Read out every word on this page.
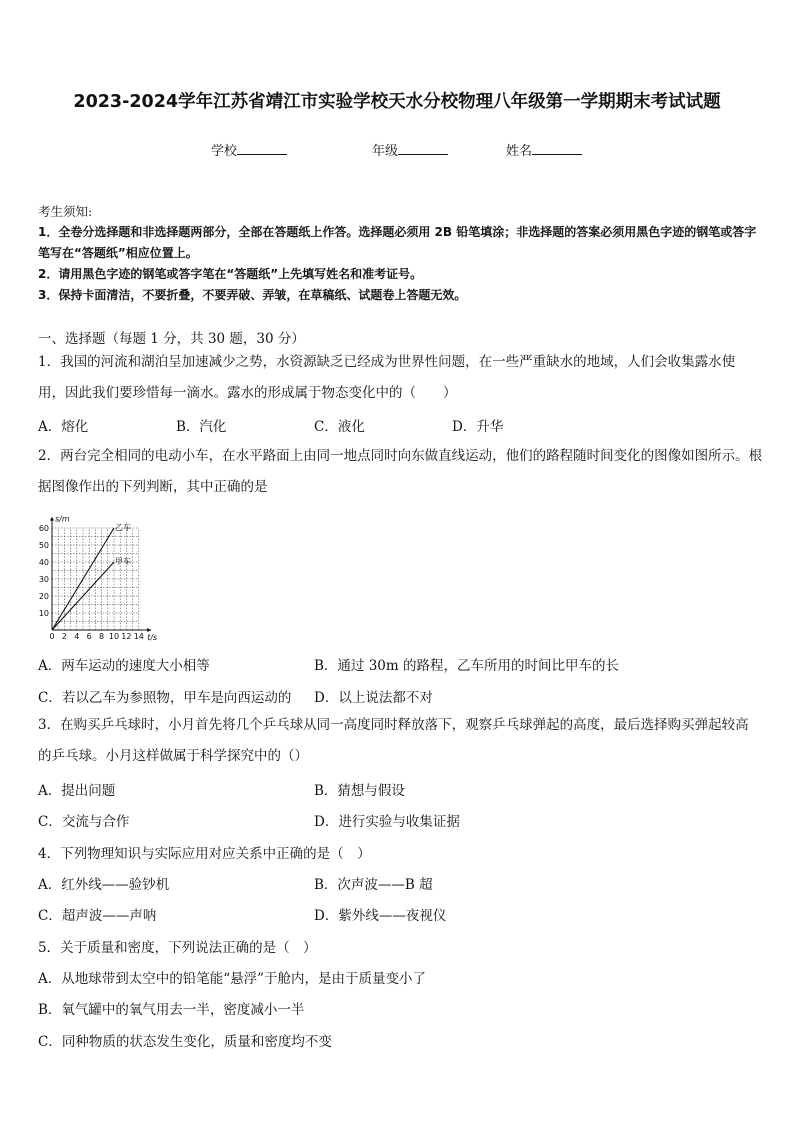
2023-2024学年江苏省靖江市实验学校天水分校物理八年级第一学期期末考试试题
学校	年级	姓名
考生须知:
1．全卷分选择题和非选择题两部分，全部在答题纸上作答。选择题必须用 2B 铅笔填涂；非选择题的答案必须用黑色字迹的钢笔或答字笔写在“答题纸”相应位置上。
2．请用黑色字迹的钢笔或答字笔在“答题纸”上先填写姓名和准考证号。
3．保持卡面清洁，不要折叠，不要弄破、弄皱，在草稿纸、试题卷上答题无效。
一、选择题（每题 1 分，共 30 题，30 分）
1．我国的河流和湖泊呈加速减少之势，水资源缺乏已经成为世界性问题，在一些严重缺水的地域，人们会收集露水使用，因此我们要珍惜每一滴水。露水的形成属于物态变化中的（　　）
A．熔化	B．汽化	C．液化	D．升华
2．两台完全相同的电动小车，在水平路面上由同一地点同时向东做直线运动，他们的路程随时间变化的图像如图所示。根据图像作出的下列判断，其中正确的是
0 2 4 6 8 10 12 14
10
20
30
40
50
60
s/m
t/s
乙车
甲车
A．两车运动的速度大小相等	B．通过 30m 的路程，乙车所用的时间比甲车的长
C．若以乙车为参照物，甲车是向西运动的 D．以上说法都不对
3．在购买乒乓球时，小月首先将几个乒乓球从同一高度同时释放落下，观察乒乓球弹起的高度，最后选择购买弹起较高的乒乓球。小月这样做属于科学探究中的（）
A．提出问题	B．猜想与假设
C．交流与合作	D．进行实验与收集证据
4．下列物理知识与实际应用对应关系中正确的是（　）
A．红外线——验钞机	B．次声波——B 超
C．超声波——声呐	D．紫外线——夜视仪
5．关于质量和密度，下列说法正确的是（　）
A．从地球带到太空中的铅笔能“悬浮”于舱内，是由于质量变小了
B．氧气罐中的氧气用去一半，密度减小一半
C．同种物质的状态发生变化，质量和密度均不变
